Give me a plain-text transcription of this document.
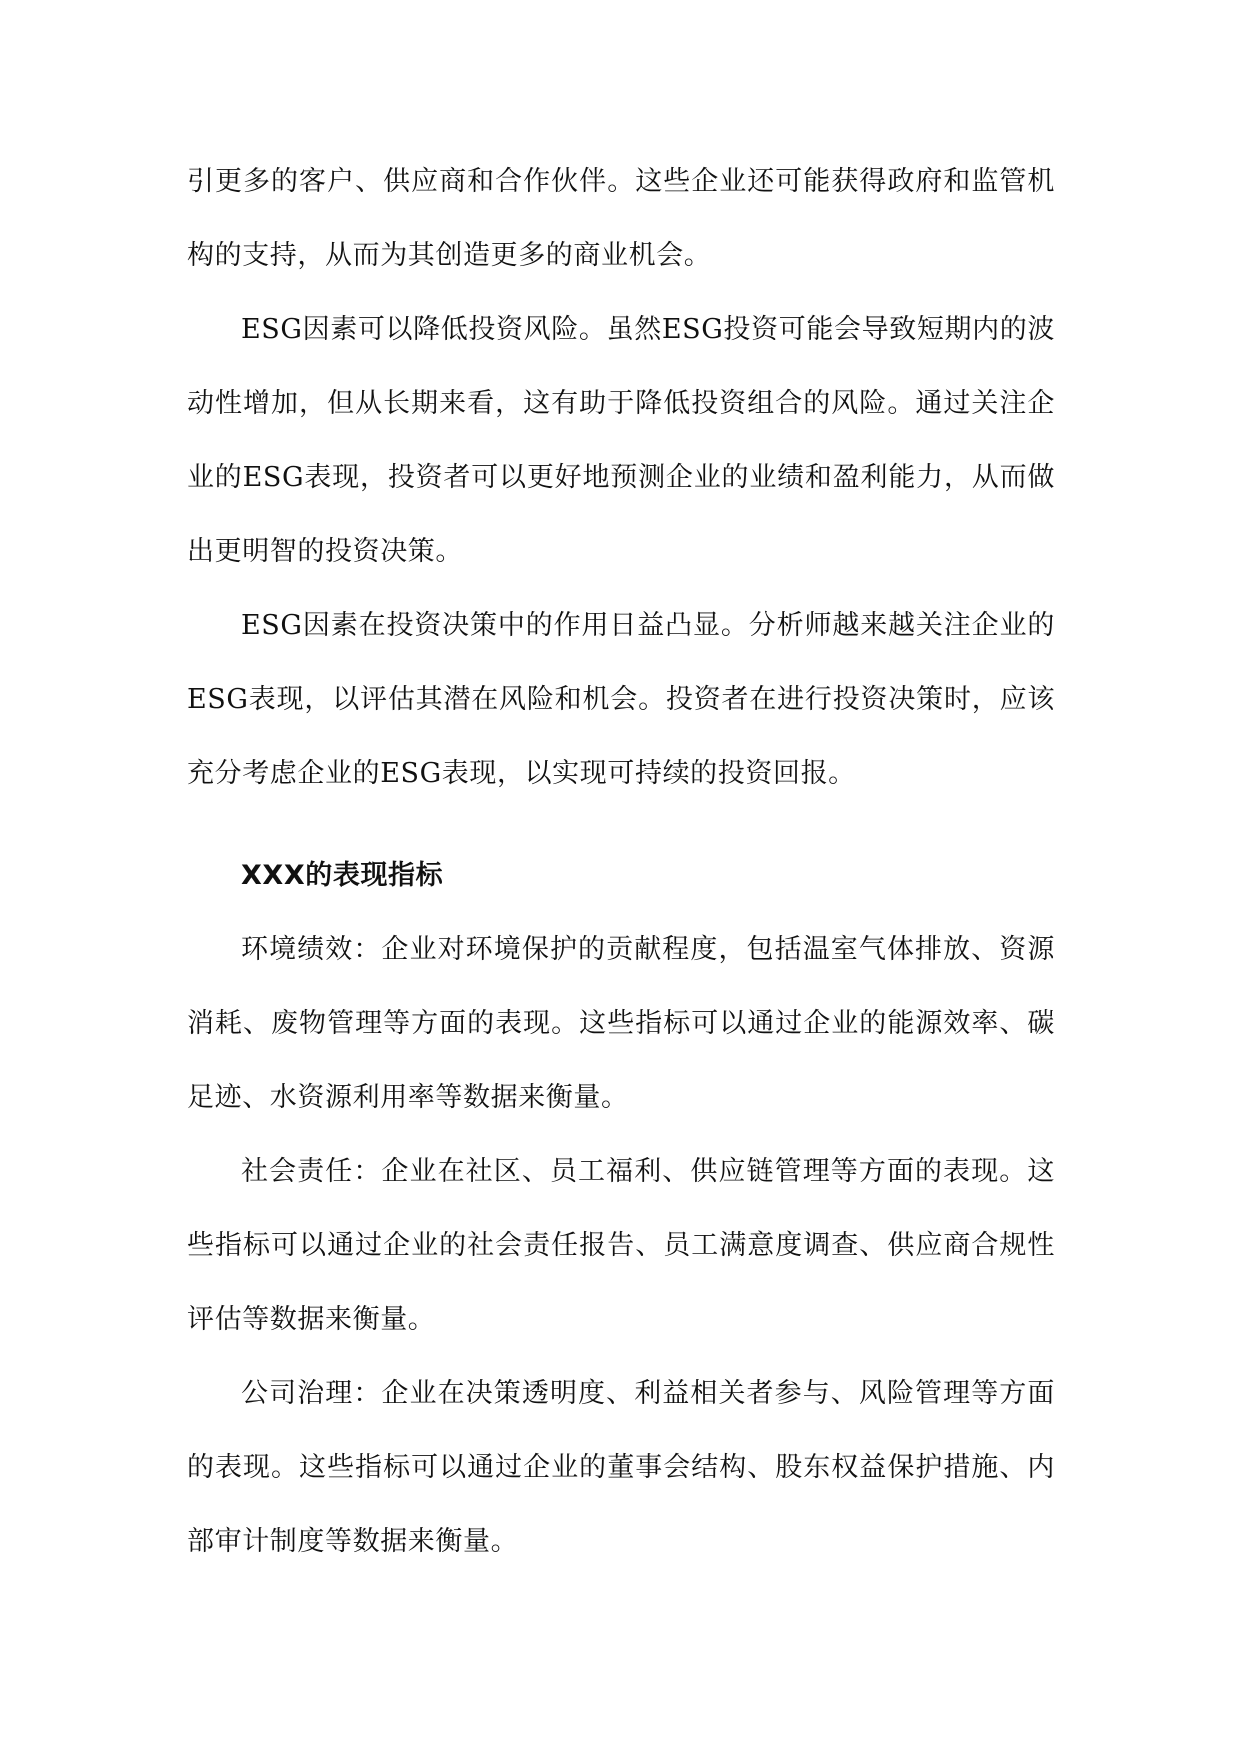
引更多的客户、供应商和合作伙伴。这些企业还可能获得政府和监管机构的支持，从而为其创造更多的商业机会。

ESG因素可以降低投资风险。虽然ESG投资可能会导致短期内的波动性增加，但从长期来看，这有助于降低投资组合的风险。通过关注企业的ESG表现，投资者可以更好地预测企业的业绩和盈利能力，从而做出更明智的投资决策。

ESG因素在投资决策中的作用日益凸显。分析师越来越关注企业的ESG表现，以评估其潜在风险和机会。投资者在进行投资决策时，应该充分考虑企业的ESG表现，以实现可持续的投资回报。

XXX的表现指标

环境绩效：企业对环境保护的贡献程度，包括温室气体排放、资源消耗、废物管理等方面的表现。这些指标可以通过企业的能源效率、碳足迹、水资源利用率等数据来衡量。

社会责任：企业在社区、员工福利、供应链管理等方面的表现。这些指标可以通过企业的社会责任报告、员工满意度调查、供应商合规性评估等数据来衡量。

公司治理：企业在决策透明度、利益相关者参与、风险管理等方面的表现。这些指标可以通过企业的董事会结构、股东权益保护措施、内部审计制度等数据来衡量。
